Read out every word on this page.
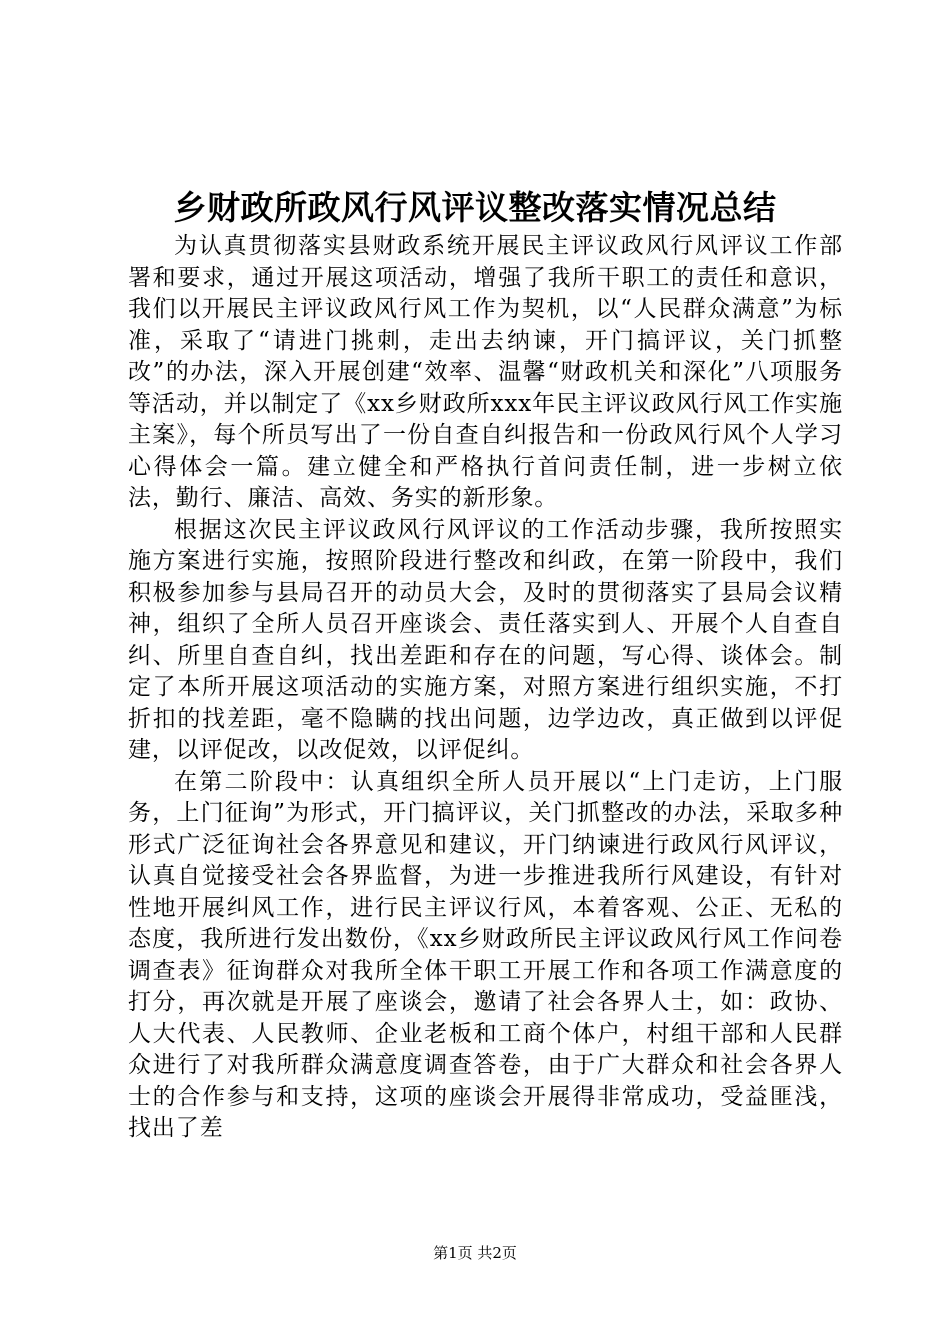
乡财政所政风行风评议整改落实情况总结

为认真贯彻落实县财政系统开展民主评议政风行风评议工作部署和要求，通过开展这项活动，增强了我所干职工的责任和意识，我们以开展民主评议政风行风工作为契机，以“人民群众满意”为标准，采取了“请进门挑刺，走出去纳谏，开门搞评议，关门抓整改”的办法，深入开展创建“效率、温馨“财政机关和深化”八项服务等活动，并以制定了《xx乡财政所xxx年民主评议政风行风工作实施主案》，每个所员写出了一份自查自纠报告和一份政风行风个人学习心得体会一篇。建立健全和严格执行首问责任制，进一步树立依法，勤行、廉洁、高效、务实的新形象。

根据这次民主评议政风行风评议的工作活动步骤，我所按照实施方案进行实施，按照阶段进行整改和纠政，在第一阶段中，我们积极参加参与县局召开的动员大会，及时的贯彻落实了县局会议精神，组织了全所人员召开座谈会、责任落实到人、开展个人自查自纠、所里自查自纠，找出差距和存在的问题，写心得、谈体会。制定了本所开展这项活动的实施方案，对照方案进行组织实施，不打折扣的找差距，毫不隐瞒的找出问题，边学边改，真正做到以评促建，以评促改，以改促效，以评促纠。

在第二阶段中：认真组织全所人员开展以“上门走访，上门服务，上门征询”为形式，开门搞评议，关门抓整改的办法，采取多种形式广泛征询社会各界意见和建议，开门纳谏进行政风行风评议，认真自觉接受社会各界监督，为进一步推进我所行风建设，有针对性地开展纠风工作，进行民主评议行风，本着客观、公正、无私的态度，我所进行发出数份，《xx乡财政所民主评议政风行风工作问卷调查表》征询群众对我所全体干职工开展工作和各项工作满意度的打分，再次就是开展了座谈会，邀请了社会各界人士，如：政协、人大代表、人民教师、企业老板和工商个体户，村组干部和人民群众进行了对我所群众满意度调查答卷，由于广大群众和社会各界人士的合作参与和支持，这项的座谈会开展得非常成功，受益匪浅，找出了差

第1页 共2页
